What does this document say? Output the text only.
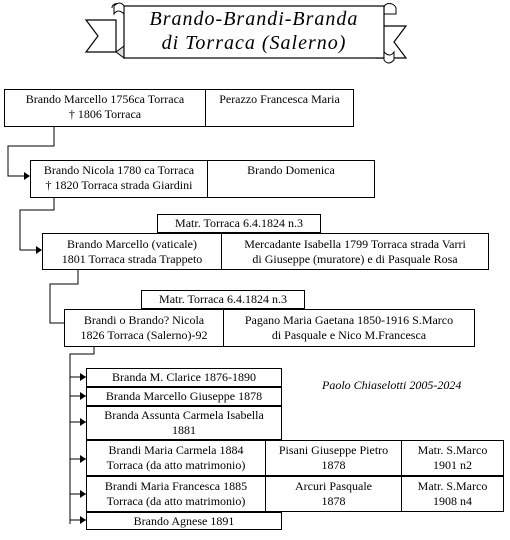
Brando-Brandi-Branda
di Torraca (Salerno)
Brando Marcello 1756ca Torraca
† 1806 Torraca
Perazzo Francesca Maria
Brando Nicola 1780 ca Torraca
† 1820 Torraca strada Giardini
Brando Domenica
Matr. Torraca 6.4.1824 n.3
Brando Marcello (vaticale)
1801 Torraca strada Trappeto
Mercadante Isabella 1799 Torraca strada Varri
di Giuseppe (muratore) e di Pasquale Rosa
Matr. Torraca 6.4.1824 n.3
Brandi o Brando? Nicola
1826 Torraca (Salerno)-92
Pagano Maria Gaetana 1850-1916 S.Marco
di Pasquale e Nico M.Francesca
Paolo Chiaselotti 2005-2024
Branda M. Clarice 1876-1890
Branda Marcello Giuseppe 1878
Branda Assunta Carmela Isabella
1881
Brandi Maria Carmela 1884
Torraca (da atto matrimonio)
Pisani Giuseppe Pietro
1878
Matr. S.Marco
1901 n2
Brandi Maria Francesca 1885
Torraca (da atto matrimonio)
Arcuri Pasquale
1878
Matr. S.Marco
1908 n4
Brando Agnese 1891
